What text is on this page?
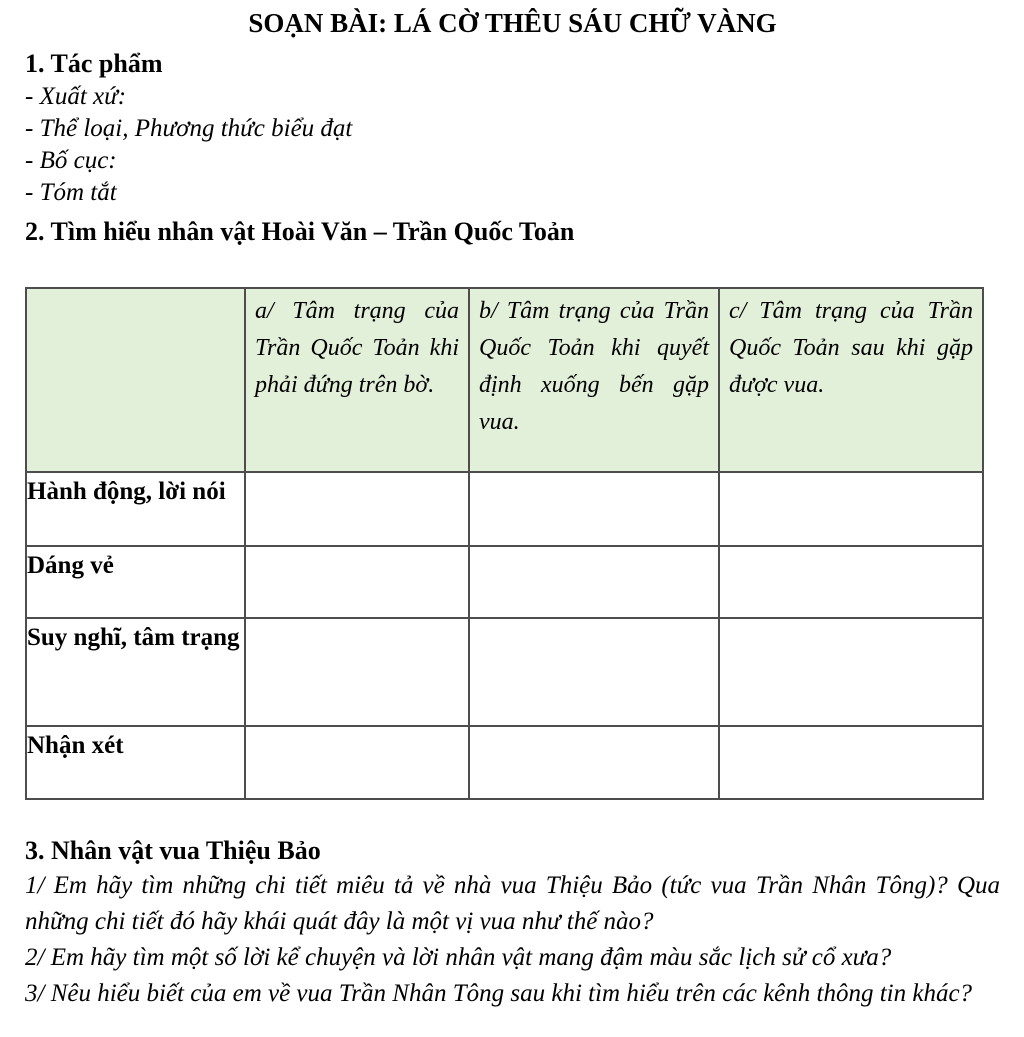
SOẠN BÀI: LÁ CỜ THÊU SÁU CHỮ VÀNG
1. Tác phẩm
- Xuất xứ:
- Thể loại, Phương thức biểu đạt
- Bố cục:
- Tóm tắt
2. Tìm hiểu nhân vật Hoài Văn – Trần Quốc Toản
	a/ Tâm trạng của Trần Quốc Toản khi phải đứng trên bờ.	b/ Tâm trạng của Trần Quốc Toản khi quyết định xuống bến gặp vua.	c/ Tâm trạng của Trần Quốc Toản sau khi gặp được vua.
Hành động, lời nói			
Dáng vẻ			
Suy nghĩ, tâm trạng			
Nhận xét			
3. Nhân vật vua Thiệu Bảo

1/ Em hãy tìm những chi tiết miêu tả về nhà vua Thiệu Bảo (tức vua Trần Nhân Tông)? Qua những chi tiết đó hãy khái quát đây là một vị vua như thế nào?

2/ Em hãy tìm một số lời kể chuyện và lời nhân vật mang đậm màu sắc lịch sử cổ xưa?

3/ Nêu hiểu biết của em về vua Trần Nhân Tông sau khi tìm hiểu trên các kênh thông tin khác?
